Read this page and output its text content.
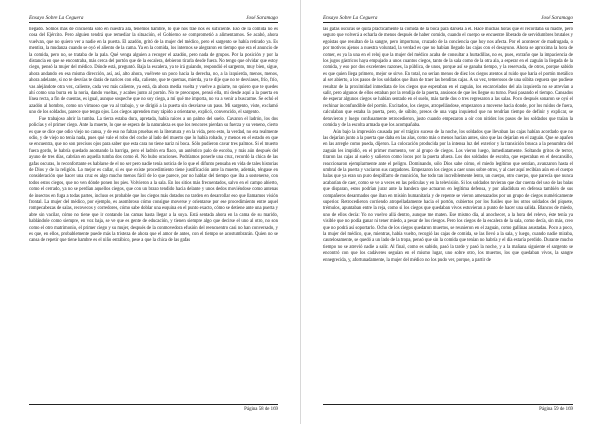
Ensayo Sobre La Ceguera	José Saramago

llegado. Somos más de cincuenta sólo en nuestra ala, tenemos hambre, lo que nos trae nos es suficiente. Eso de la comida no es cosa del Ejército. Pero alguien tendrá que remediar la situación, el Gobierno se comprometió a alimentarnos. Se acabó, ahora vuelvan, que no quiero ver a nadie en la puerta. El azadón, gritó de la mujer del médico, pero el sargento se había retirado ya. Es mentira, la mudanza cuando se oyó el aliento de la cama. Ya en la comida, los internos se alegraron en tiempo que era el anuncio de la comida, pero no, se trataba de la pala. Qué venga alguien a recoger el azadón, pero nada de grupos. Por la posición y por la distancia en que se encontraba, más cerca del portón que de la escalera, debieron tirarla desde fuera. No tengo que olvidar que estoy ciego, pensó la mujer del médico. Dónde está, preguntó. Baja la escalera, ya te irá guiando, respondió el sargento, muy bien, sigue, ahora andando en esa misma dirección, así, así, alto ahora, vuélvete un poco hacia la derecha, no, a la izquierda, menos, menos, ahora adelante, si no te desvías te darás de narices con ella, caliente, que te quemas, mierda, ya te dije que no te desviases, frío, frío, vas alejándote otra vez, caliente, cada vez más caliente, ya está, da ahora media vuelta y vuelve a guiarte, no quiero que te quedes ahí como una burra en la noria, dando vueltas, y acabes junto al portón. No te preocupes, pensó ella, mi desde aquí a la puerta en línea recta, a fin de cuentas, es igual, aunque sospeche que no soy ciega, a mí qué me importa, no va a venir a buscarme. Se echó el azadón al hombro, como un virtuoso que va al trabajo, y se dirigió a la puerta sin desviarse un paso. Mi sargento, viste, exclamó uno de los soldados, parece que tenga ojos. Los ciegos aprenden muy rápido a orientarse, explicó, convencido, el sargento.

Fue trabajoso abrir la tumba. La tierra estaba dura, apretada, había raíces a un palmo del suelo. Cavaron el ladrón, los dos policías y el primer ciego. Ante la muerte, lo que se espera de la naturaleza es que los rencores pierdan su fuerza y su veneno, cierto es que se dice que odio viejo no cansa, y de eso no faltan pruebas en la literatura y en la vida, pero esto, la verdad, no era realmente odio, y de viejo no tenía nada, pues qué vale el robo del coche al lado del muerto que lo había robado, y menos en el estado en que se encuentra, que no son precisos ojos para saber que esta cara no tiene nariz ni boca. Sólo pudieron cavar tres palmos. Si el muerto fuera gordo, le habría quedado asomando la barriga, pero el ladrón era flaco, un auténtico palo de escoba, y más aún después del ayuno de tres días, cabrían en aquella tumba dos como él. No hubo oraciones. Podríamos ponerle una cruz, recordó la chica de las gafas oscuras, lo reconfortante es hablarse de el no ser pero nadie tenía noticia de lo que el difunto pensaba en vida de tales historias de Dios y de la religión. Lo mejor es callar, si es que existe procedimiento tiene justificación ante la muerte, además, téngase en consideración que hacer una cruz es algo mucho menos fácil de lo que parece, por no hablar del tiempo que iba a sostenerse, con todos estos ciegos, que no ven dónde ponen los pies. Volvieron a la sala. En los sitios más frecuentados, salvo en el campo abierto, como el cerrado, ya no se perdían aquellos ciegos, que con un brazo tendido hacia delante y unos dedos moviéndose como antenas de insectos en fuga a todas partes, incluso es probable que los ciegos más dotados no tarden en desarrollar eso que llamamos visión frontal. La mujer del médico, por ejemplo, es asombroso cómo consigue moverse y orientarse por ese procedimiento entre aquel rompecabezas de salas, recovecos y corredores, cómo sabe doblar una esquina en el punto exacto, cómo se detiene ante una puerta y abre sin vacilar, cómo no tiene que ir contando las camas hasta llegar a la suya. Está sentada ahora en la cama de su marido, hablándole como siempre, en voz baja, se ve que es gente de educación, y tienen siempre algo que decirse el uno al otro, no son como el otro matrimonio, el primer ciego y su mujer, después de la conmovedora efusión del reencuentro casi no han conversado, y es que, en ellos, probablemente puede más la tristeza de ahora que el amor de antes, con el tiempo se acostumbrarán. Quien no se cansa de repetir que tiene hambre es el niño estrábico, pese a que la chica de las gafas

Página 58 de 169
Ensayo Sobre La Ceguera	José Saramago

las gafas oscuras se quita prácticamente la comida de la boca para dársela a él. Hace muchas horas que él recordaba su madre, pero seguro que volverá a echarla de menos después de haber comido, cuando el cuerpo se encuentre liberado de servidumbres brutales y egoístas que resultan de la sangre, pero importuno, cruzado de la conciencia que hoy nos afecta. Por el acontecer de madrugada, o por motivos ajenos a nuestra voluntad, la verdad es que no habían llegado las cajas con el desayuno. Ahora se aproxima la hora de comer, es ya la una en el reloj que la mujer del médico acaba de consultar a hurtadillas, no es, pues, extraño que la impaciencia de los jugos gástricos haya empujado a unos cuantos ciegos, tanto de la sala como de la otra ala, a esperar en el zaguán la llegada de la comida, y eso por dos excelentes razones, la pública, de unos, porque así se ganaba tiempo, y la reservada, de otros, porque sabido es que quien llega primero, mejor se sirve. En total, no serían menos de diez los ciegos atentos al ruido que haría el portón metálico al ser abierto, a los pasos de los soldados que iban de traer las benditas cajas. A su vez, temerosos de una súbita ceguera que pudiese resultar de la proximidad inmediata de los ciegos que esperaban en el zaguán, los encarcelados del ala izquierda no se atrevían a salir, pero algunos de ellos estaban por la rendija de la puerta, ansiosos de que les llegue su turno. Pasó pasando el tiempo. Cansados de esperar algunos ciegos se habían sentado en el suelo, más tarde dos o tres regresaron a las salas. Poco después sonaron se oyó el rechinar inconfundible del portón. Excitados, los ciegos, atropellándose, empezaron a moverse hacia donde, por los ruidos de fuera, calculaban que estaba la puerta, pero, de súbito, presos de una vaga inquietud que no tendrían tiempo de definir y explicar, se detuvieron y luego confusamente retrocedieron, justo cuando empezaron a oír con nitidez los pasos de los soldados que traían la comida y de la escolta armada que los acompañaba.

Aún bajo la impresión causada por el trágico suceso de la noche, los soldados que llevaban las cajas habían acordado que no las dejarían junto a la puerta que daba en las alas, como más o menos hacían antes, sino que las dejarían en el zaguán. Que se apañen en las arregle como pueda, dijeron. La colocación producida por la intensa luz del exterior y la transición brusca a la penumbra del zaguán les impidió, en el primer momento, ver al grupo de ciegos. Los vieron luego, inmediatamente. Soltando gritos de terror, tiraron las cajas al suelo y salieron como locos por la puerta afuera. Los dos soldados de escolta, que esperaban en el descansillo, reaccionaron ejemplarmente ante el peligro. Dominando, sólo Dios sabe cómo, el miedo legítimo que sentían, avanzaron hasta el umbral de la puerta y vaciaron sus cargadores. Empezaron los ciegos a caer unos sobre otros, y al caer aquí recibían aún en el cuerpo balas que ya eran un puro despilfarro de munición, fue todo tan increíblemente lento, un cuerpo, otro cuerpo, que parecía que nunca acabarían de caer, como se ve a veces en las películas y en la televisión. Si los soldados tuvieran que dar cuenta del uso de las balas que disparan, estos podrían jurar ante la bandera que actuaron en legítima defensa, y por añadidura en defensa también de sus compañeros desarmados que iban en misión humanitaria y de repente se vieron amenazados por un grupo de ciegos numéricamente superior. Retrocedieron corriendo atropelladamente hacia el portón, cubiertos por los fusiles que los otros soldados del piquete, trémulos, apuntaban entre la reja, como si los ciegos que quedaban vivos estuvieran a punto de hacer una salida. Blancos de miedo, uno de ellos decía: Yo no vuelvo allá dentro, aunque me maten. Ese mismo día, al anochecer, a la hora del relevo, éste tenía ya visible que no podía ganar ni tener miedo, a pesar de los riesgos. Pero los ciegos de la escalera de la sala, como decía, sin más, creo que no podrá así soportarlo. Ocho de los ciegos quedaron muertos, se reunieron en el zaguán, como gallinas asustadas. Poco a poco, la mujer del médico, que, mientras, había vuelto, recogió las cajas de comida, se las llevó a la sala, y luego, cuando nadie miraba, cautelosamente, se quedó a un lado de la tropa, pensó que sin la comida que tenían no habría y el día estaría perdido. Durante mucho tiempo no se atrevió nadie a salir. Al final, como es sabido, pasó la tarde y pasó la noche, y a la mañana siguiente el sargento se encontró con que los cadáveres seguían en el mismo lugar, uno sobre otro, los muertos, los que quedaban vivos, la sangre ennegrecida, y, afortunadamente, la mujer del médico no los pudo ver, porque, a partir de

Página 59 de 169
